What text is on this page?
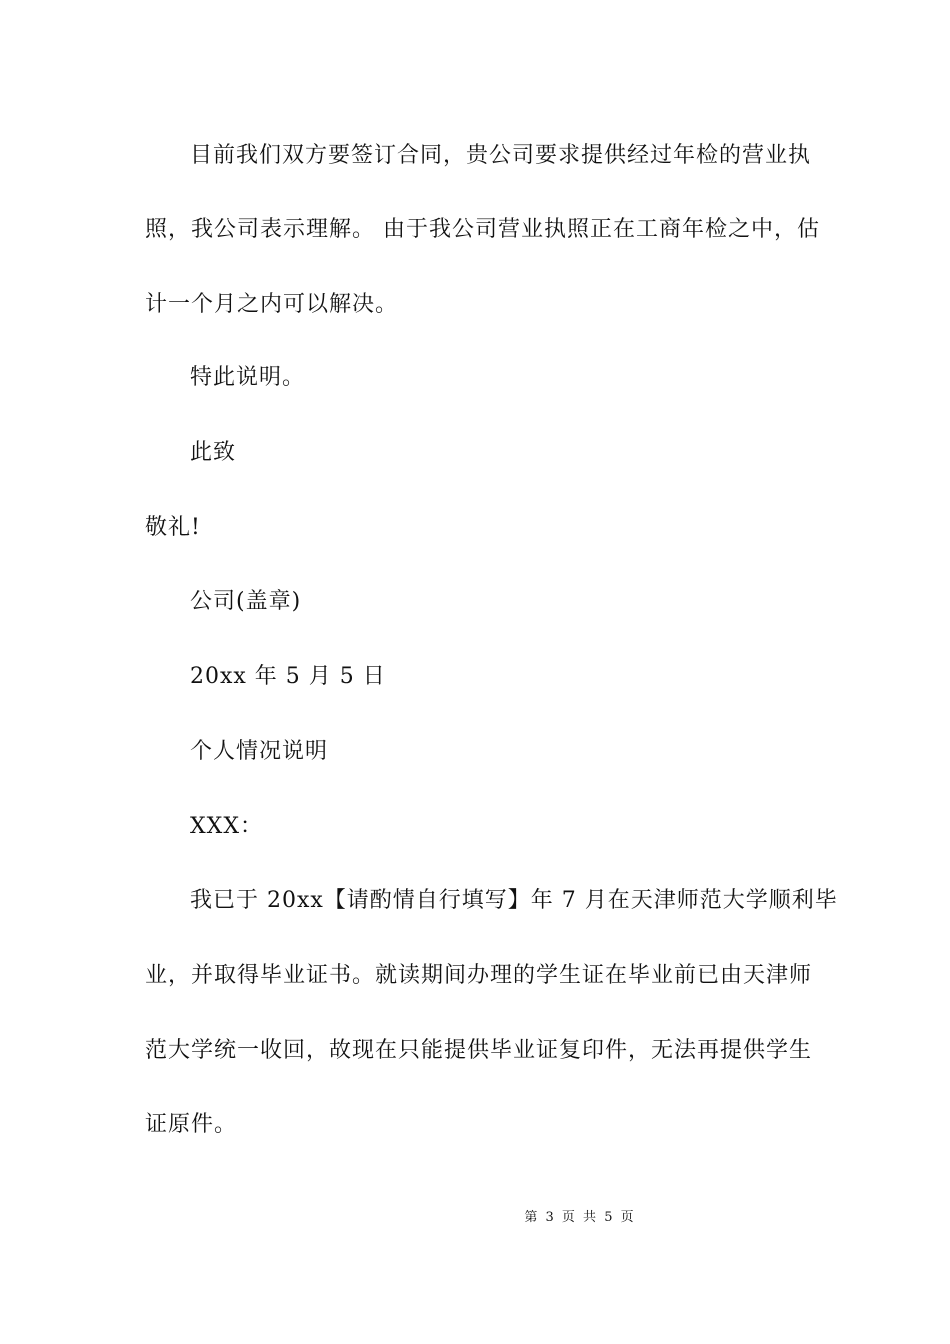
目前我们双方要签订合同，贵公司要求提供经过年检的营业执
照，我公司表示理解。 由于我公司营业执照正在工商年检之中，估
计一个月之内可以解决。
特此说明。
此致
敬礼!
公司(盖章)
20xx 年 5 月 5 日
个人情况说明
XXX：
我已于 20xx【请酌情自行填写】年 7 月在天津师范大学顺利毕
业，并取得毕业证书。就读期间办理的学生证在毕业前已由天津师
范大学统一收回，故现在只能提供毕业证复印件，无法再提供学生
证原件。
第 3 页 共 5 页
